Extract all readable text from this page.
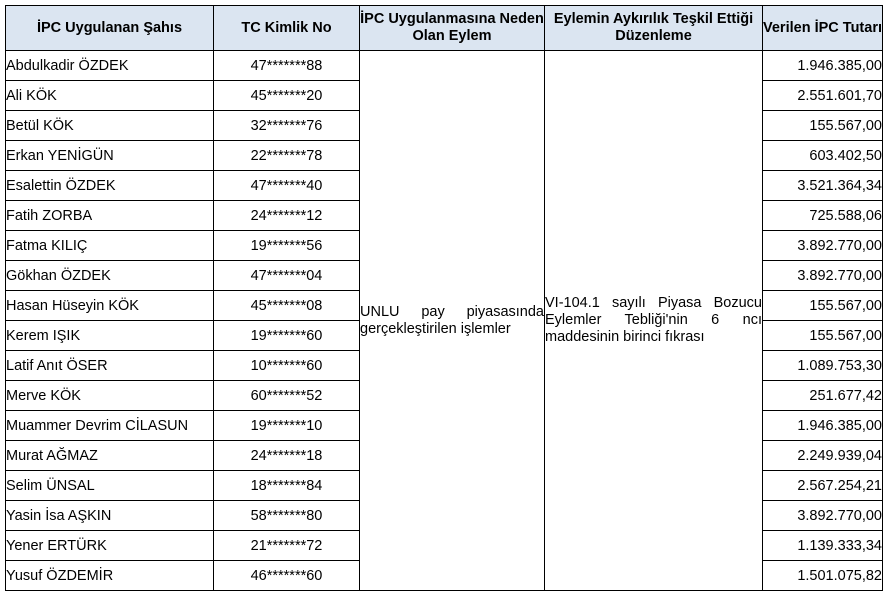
İPC Uygulanan Şahıs	TC Kimlik No	İPC Uygulanmasına Neden Olan Eylem	Eylemin Aykırılık Teşkil Ettiği Düzenleme	Verilen İPC Tutarı
Abdulkadir ÖZDEK	47*******88	UNLU pay piyasasında gerçekleştirilen işlemler	VI-104.1 sayılı Piyasa Bozucu Eylemler Tebliği'nin 6 ncı maddesinin birinci fıkrası	1.946.385,00
Ali KÖK	45*******20			2.551.601,70
Betül KÖK	32*******76			155.567,00
Erkan YENİGÜN	22*******78			603.402,50
Esalettin ÖZDEK	47*******40			3.521.364,34
Fatih ZORBA	24*******12			725.588,06
Fatma KILIÇ	19*******56			3.892.770,00
Gökhan ÖZDEK	47*******04			3.892.770,00
Hasan Hüseyin KÖK	45*******08			155.567,00
Kerem IŞIK	19*******60			155.567,00
Latif Anıt ÖSER	10*******60			1.089.753,30
Merve KÖK	60*******52			251.677,42
Muammer Devrim CİLASUN	19*******10			1.946.385,00
Murat AĞMAZ	24*******18			2.249.939,04
Selim ÜNSAL	18*******84			2.567.254,21
Yasin İsa AŞKIN	58*******80			3.892.770,00
Yener ERTÜRK	21*******72			1.139.333,34
Yusuf ÖZDEMİR	46*******60			1.501.075,82
